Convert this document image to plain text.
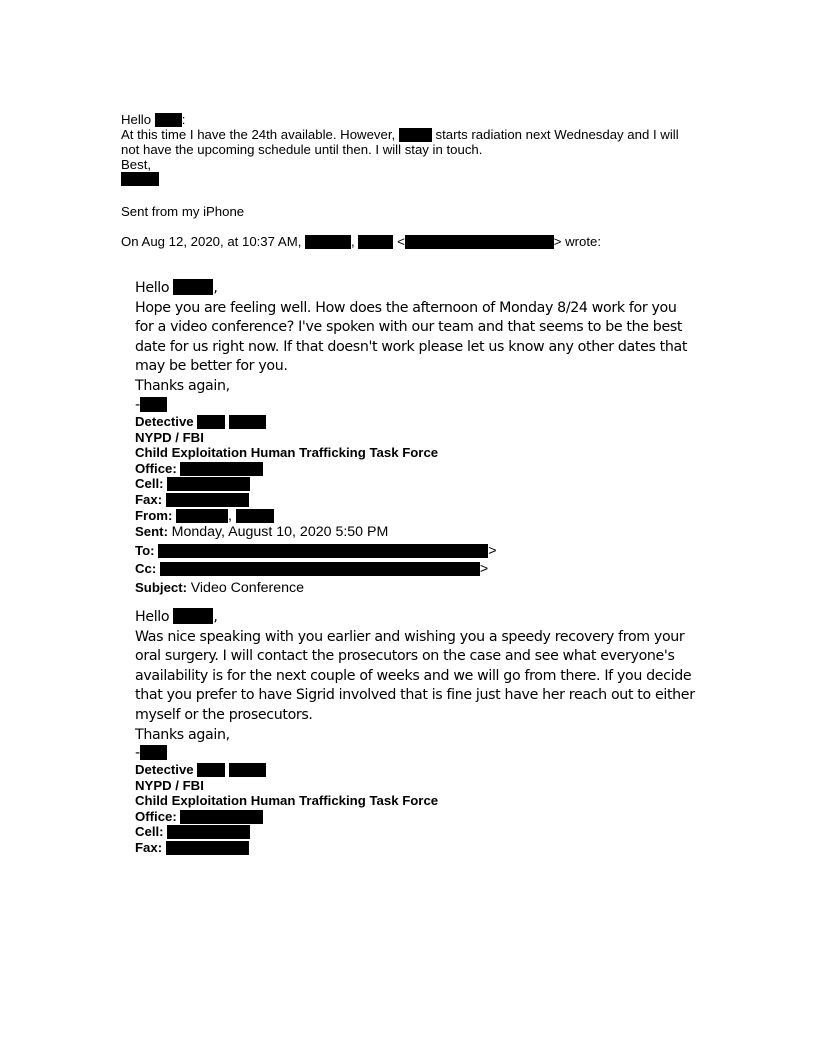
Hello :
At this time I have the 24th available. However,	starts radiation next Wednesday and I will
not have the upcoming schedule until then. I will stay in touch.
Best,
Sent from my iPhone
On Aug 12, 2020, at 10:37 AM,	,	<	> wrote:
Hello	,
Hope you are feeling well. How does the afternoon of Monday 8/24 work for you
for a video conference? I've spoken with our team and that seems to be the best
date for us right now. If that doesn't work please let us know any other dates that
may be better for you.
Thanks again,
-
Detective
NYPD / FBI
Child Exploitation Human Trafficking Task Force
Office:
Cell:
Fax:
From:	,
Sent: Monday, August 10, 2020 5:50 PM
To:	>
Cc:	>
Subject: Video Conference
Hello	,
Was nice speaking with you earlier and wishing you a speedy recovery from your
oral surgery. I will contact the prosecutors on the case and see what everyone's
availability is for the next couple of weeks and we will go from there. If you decide
that you prefer to have Sigrid involved that is fine just have her reach out to either
myself or the prosecutors.
Thanks again,
-
Detective
NYPD / FBI
Child Exploitation Human Trafficking Task Force
Office:
Cell:
Fax:
